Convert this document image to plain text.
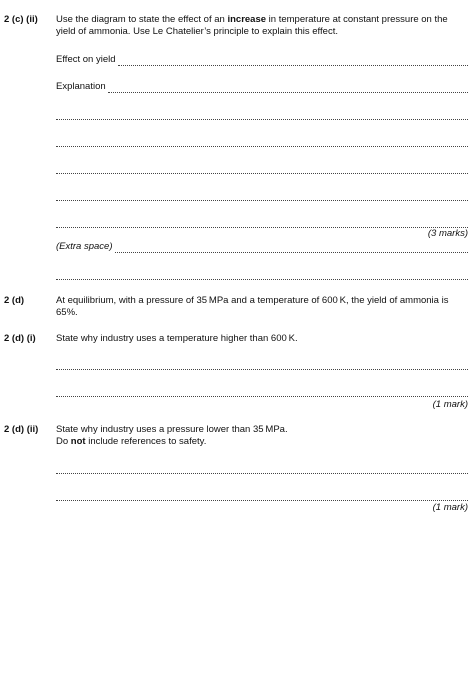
2 (c) (ii) Use the diagram to state the effect of an increase in temperature at constant pressure on the yield of ammonia. Use Le Chatelier’s principle to explain this effect.
Effect on yield
Explanation
(3 marks)
(Extra space)
2 (d)	At equilibrium, with a pressure of 35 MPa and a temperature of 600 K, the yield of ammonia is 65%.
2 (d) (i) State why industry uses a temperature higher than 600 K.
(1 mark)
2 (d) (ii) State why industry uses a pressure lower than 35 MPa.
Do not include references to safety.
(1 mark)
